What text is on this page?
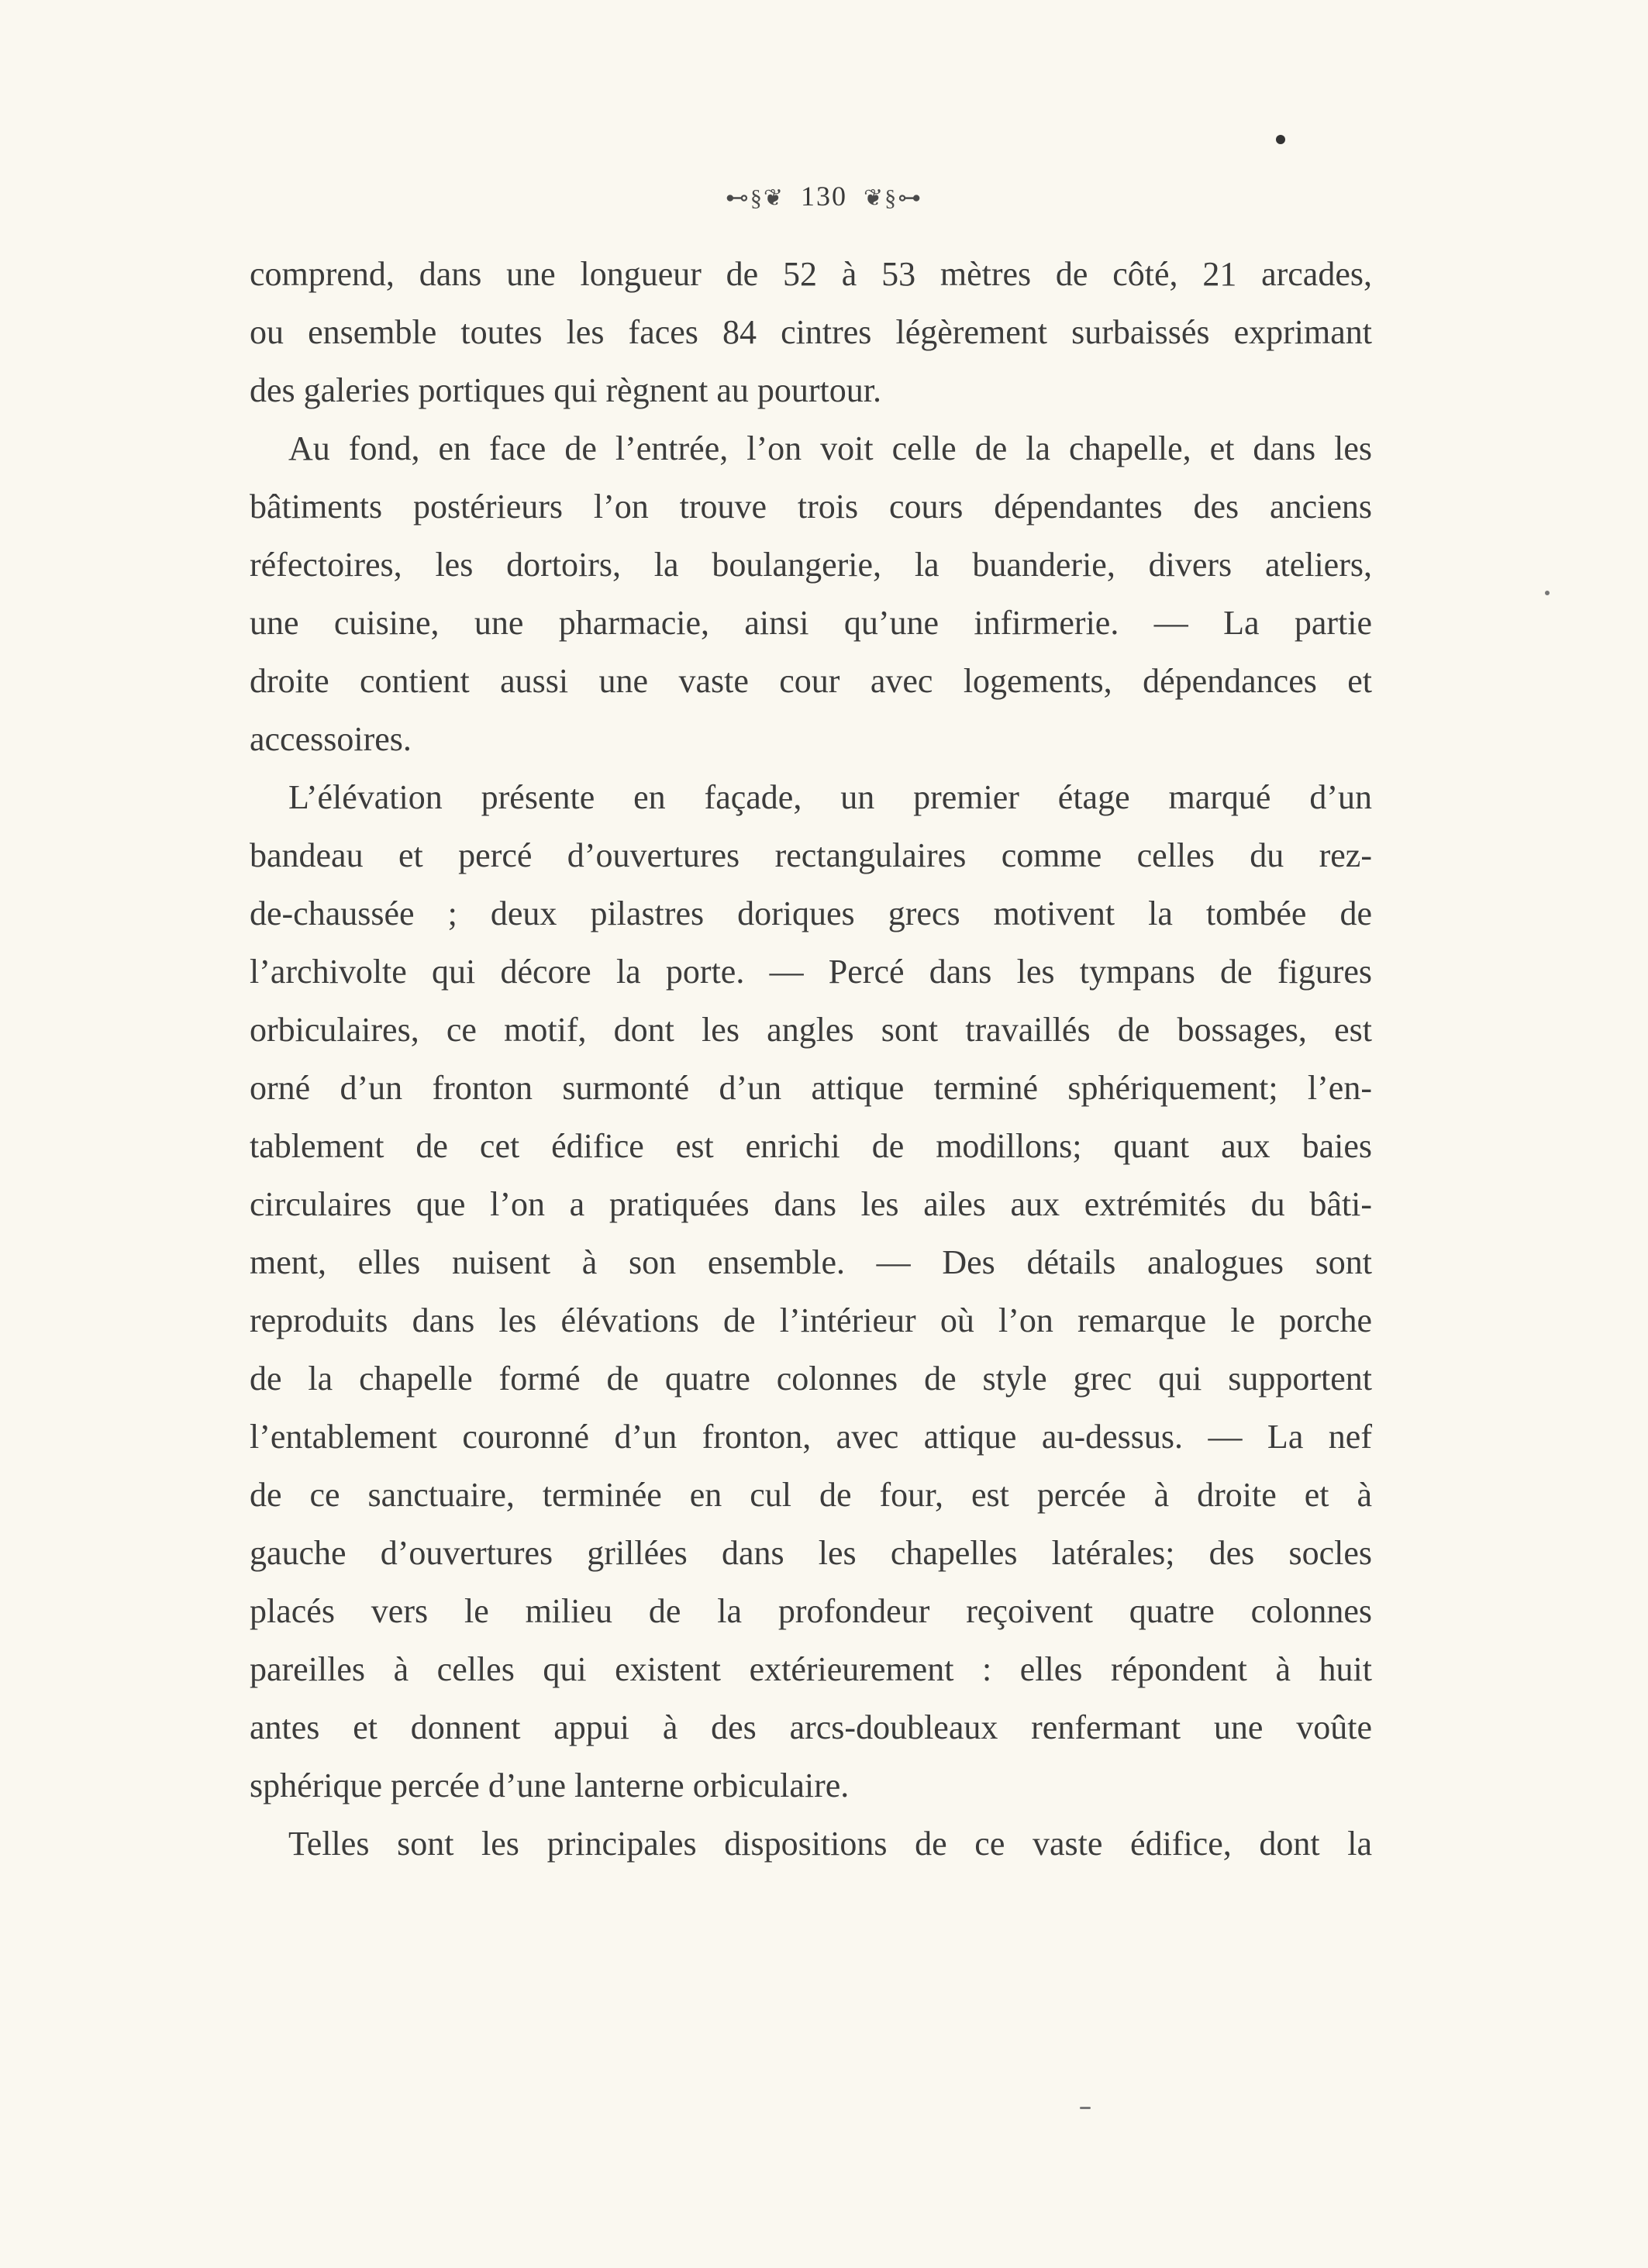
⊷§❦ 130 ❦§⊶
comprend, dans une longueur de 52 à 53 mètres de côté, 21 arcades,
ou ensemble toutes les faces 84 cintres légèrement surbaissés exprimant
des galeries portiques qui règnent au pourtour.
Au fond, en face de l’entrée, l’on voit celle de la chapelle, et dans les
bâtiments postérieurs l’on trouve trois cours dépendantes des anciens
réfectoires, les dortoirs, la boulangerie, la buanderie, divers ateliers,
une cuisine, une pharmacie, ainsi qu’une infirmerie. — La partie
droite contient aussi une vaste cour avec logements, dépendances et
accessoires.
L’élévation présente en façade, un premier étage marqué d’un
bandeau et percé d’ouvertures rectangulaires comme celles du rez-
de-chaussée ; deux pilastres doriques grecs motivent la tombée de
l’archivolte qui décore la porte. — Percé dans les tympans de figures
orbiculaires, ce motif, dont les angles sont travaillés de bossages, est
orné d’un fronton surmonté d’un attique terminé sphériquement; l’en-
tablement de cet édifice est enrichi de modillons; quant aux baies
circulaires que l’on a pratiquées dans les ailes aux extrémités du bâti-
ment, elles nuisent à son ensemble. — Des détails analogues sont
reproduits dans les élévations de l’intérieur où l’on remarque le porche
de la chapelle formé de quatre colonnes de style grec qui supportent
l’entablement couronné d’un fronton, avec attique au-dessus. — La nef
de ce sanctuaire, terminée en cul de four, est percée à droite et à
gauche d’ouvertures grillées dans les chapelles latérales; des socles
placés vers le milieu de la profondeur reçoivent quatre colonnes
pareilles à celles qui existent extérieurement : elles répondent à huit
antes et donnent appui à des arcs-doubleaux renfermant une voûte
sphérique percée d’une lanterne orbiculaire.
Telles sont les principales dispositions de ce vaste édifice, dont la
